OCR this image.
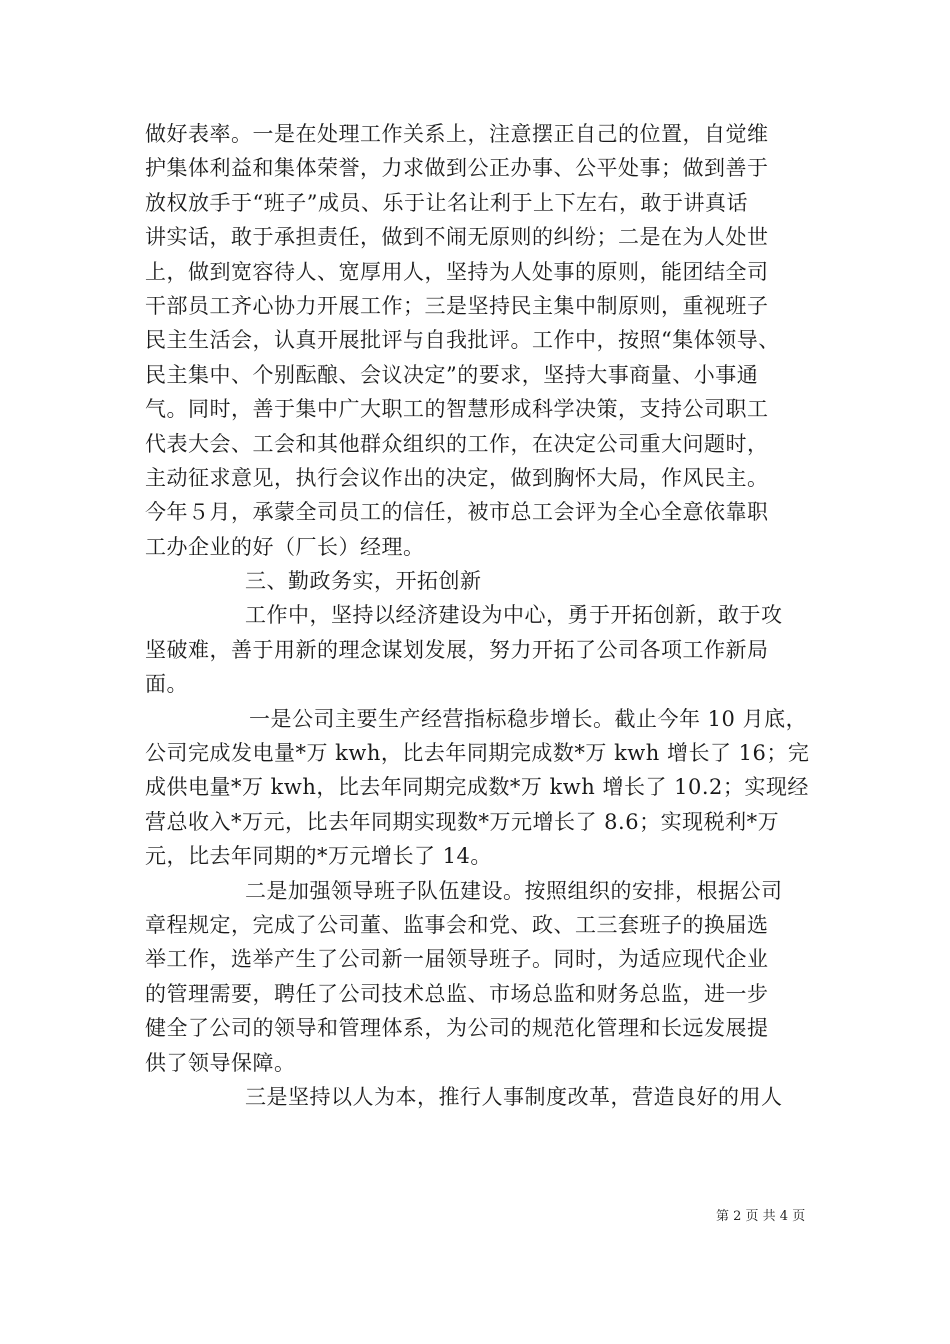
做好表率。一是在处理工作关系上，注意摆正自己的位置，自觉维
护集体利益和集体荣誉，力求做到公正办事、公平处事；做到善于
放权放手于“班子”成员、乐于让名让利于上下左右，敢于讲真话
讲实话，敢于承担责任，做到不闹无原则的纠纷；二是在为人处世
上，做到宽容待人、宽厚用人，坚持为人处事的原则，能团结全司
干部员工齐心协力开展工作；三是坚持民主集中制原则，重视班子
民主生活会，认真开展批评与自我批评。工作中，按照“集体领导、
民主集中、个别酝酿、会议决定”的要求，坚持大事商量、小事通
气。同时，善于集中广大职工的智慧形成科学决策，支持公司职工
代表大会、工会和其他群众组织的工作，在决定公司重大问题时，
主动征求意见，执行会议作出的决定，做到胸怀大局，作风民主。
今年５月，承蒙全司员工的信任，被市总工会评为全心全意依靠职
工办企业的好（厂长）经理。
三、勤政务实，开拓创新
工作中，坚持以经济建设为中心，勇于开拓创新，敢于攻
坚破难，善于用新的理念谋划发展，努力开拓了公司各项工作新局
面。
一是公司主要生产经营指标稳步增长。截止今年 10 月底，
公司完成发电量*万 kwh，比去年同期完成数*万 kwh 增长了 16；完
成供电量*万 kwh，比去年同期完成数*万 kwh 增长了 10.2；实现经
营总收入*万元，比去年同期实现数*万元增长了 8.6；实现税利*万
元，比去年同期的*万元增长了 14。
二是加强领导班子队伍建设。按照组织的安排，根据公司
章程规定，完成了公司董、监事会和党、政、工三套班子的换届选
举工作，选举产生了公司新一届领导班子。同时，为适应现代企业
的管理需要，聘任了公司技术总监、市场总监和财务总监，进一步
健全了公司的领导和管理体系，为公司的规范化管理和长远发展提
供了领导保障。
三是坚持以人为本，推行人事制度改革，营造良好的用人
第 2 页 共 4 页
